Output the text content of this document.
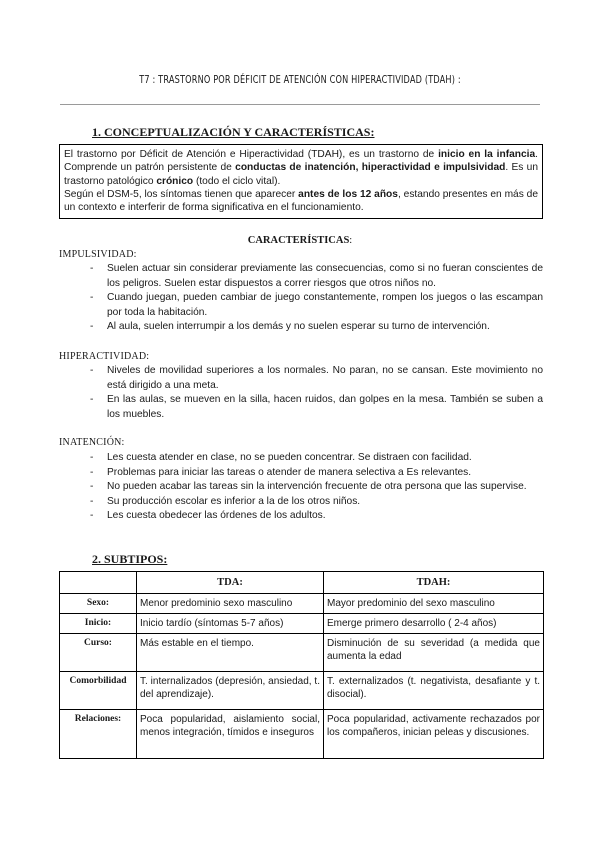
T7 : TRASTORNO POR DÉFICIT DE ATENCIÓN CON HIPERACTIVIDAD (TDAH) :
1. CONCEPTUALIZACIÓN Y CARACTERÍSTICAS:

El trastorno por Déficit de Atención e Hiperactividad (TDAH), es un trastorno de inicio en la infancia. Comprende un patrón persistente de conductas de inatención, hiperactividad e impulsividad. Es un trastorno patológico crónico (todo el ciclo vital).

Según el DSM-5, los síntomas tienen que aparecer antes de los 12 años, estando presentes en más de un contexto e interferir de forma significativa en el funcionamiento.

CARACTERÍSTICAS:
IMPULSIVIDAD:
- Suelen actuar sin considerar previamente las consecuencias, como si no fueran conscientes de los peligros. Suelen estar dispuestos a correr riesgos que otros niños no.
- Cuando juegan, pueden cambiar de juego constantemente, rompen los juegos o las escampan por toda la habitación.
- Al aula, suelen interrumpir a los demás y no suelen esperar su turno de intervención.
HIPERACTIVIDAD:
- Niveles de movilidad superiores a los normales. No paran, no se cansan. Este movimiento no está dirigido a una meta.
- En las aulas, se mueven en la silla, hacen ruidos, dan golpes en la mesa. También se suben a los muebles.
INATENCIÓN:
- Les cuesta atender en clase, no se pueden concentrar. Se distraen con facilidad.
- Problemas para iniciar las tareas o atender de manera selectiva a Es relevantes.
- No pueden acabar las tareas sin la intervención frecuente de otra persona que las supervise.
- Su producción escolar es inferior a la de los otros niños.
- Les cuesta obedecer las órdenes de los adultos.
2. SUBTIPOS:
	TDA:	TDAH:
Sexo:	Menor predominio sexo masculino	Mayor predominio del sexo masculino
Inicio:	Inicio tardío (síntomas 5-7 años)	Emerge primero desarrollo ( 2-4 años)
Curso:	Más estable en el tiempo.	Disminución de su severidad (a medida que aumenta la edad
Comorbilidad	T. internalizados (depresión, ansiedad, t. del aprendizaje).	T. externalizados (t. negativista, desafiante y t. disocial).
Relaciones:	Poca popularidad, aislamiento social, menos integración, tímidos e inseguros	Poca popularidad, activamente rechazados por los compañeros, inician peleas y discusiones.
